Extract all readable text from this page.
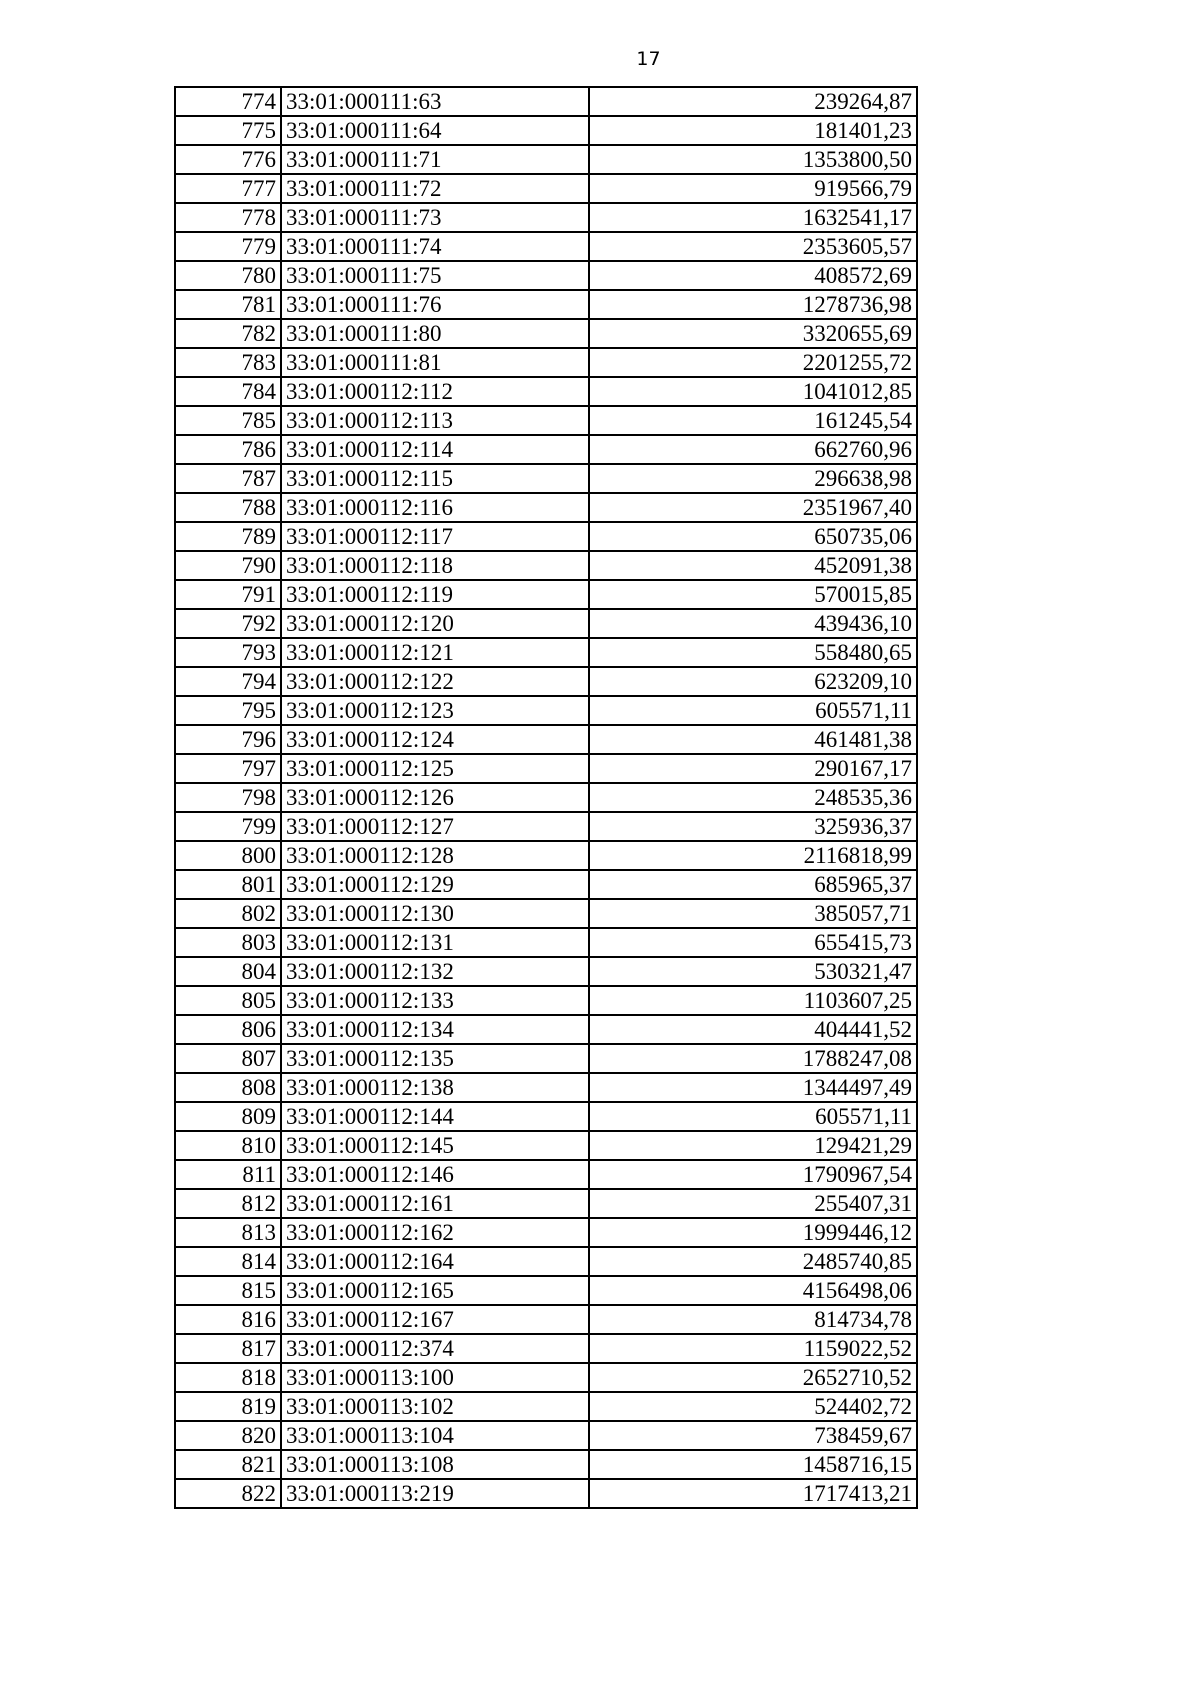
17
774	33:01:000111:63	239264,87
775	33:01:000111:64	181401,23
776	33:01:000111:71	1353800,50
777	33:01:000111:72	919566,79
778	33:01:000111:73	1632541,17
779	33:01:000111:74	2353605,57
780	33:01:000111:75	408572,69
781	33:01:000111:76	1278736,98
782	33:01:000111:80	3320655,69
783	33:01:000111:81	2201255,72
784	33:01:000112:112	1041012,85
785	33:01:000112:113	161245,54
786	33:01:000112:114	662760,96
787	33:01:000112:115	296638,98
788	33:01:000112:116	2351967,40
789	33:01:000112:117	650735,06
790	33:01:000112:118	452091,38
791	33:01:000112:119	570015,85
792	33:01:000112:120	439436,10
793	33:01:000112:121	558480,65
794	33:01:000112:122	623209,10
795	33:01:000112:123	605571,11
796	33:01:000112:124	461481,38
797	33:01:000112:125	290167,17
798	33:01:000112:126	248535,36
799	33:01:000112:127	325936,37
800	33:01:000112:128	2116818,99
801	33:01:000112:129	685965,37
802	33:01:000112:130	385057,71
803	33:01:000112:131	655415,73
804	33:01:000112:132	530321,47
805	33:01:000112:133	1103607,25
806	33:01:000112:134	404441,52
807	33:01:000112:135	1788247,08
808	33:01:000112:138	1344497,49
809	33:01:000112:144	605571,11
810	33:01:000112:145	129421,29
811	33:01:000112:146	1790967,54
812	33:01:000112:161	255407,31
813	33:01:000112:162	1999446,12
814	33:01:000112:164	2485740,85
815	33:01:000112:165	4156498,06
816	33:01:000112:167	814734,78
817	33:01:000112:374	1159022,52
818	33:01:000113:100	2652710,52
819	33:01:000113:102	524402,72
820	33:01:000113:104	738459,67
821	33:01:000113:108	1458716,15
822	33:01:000113:219	1717413,21
